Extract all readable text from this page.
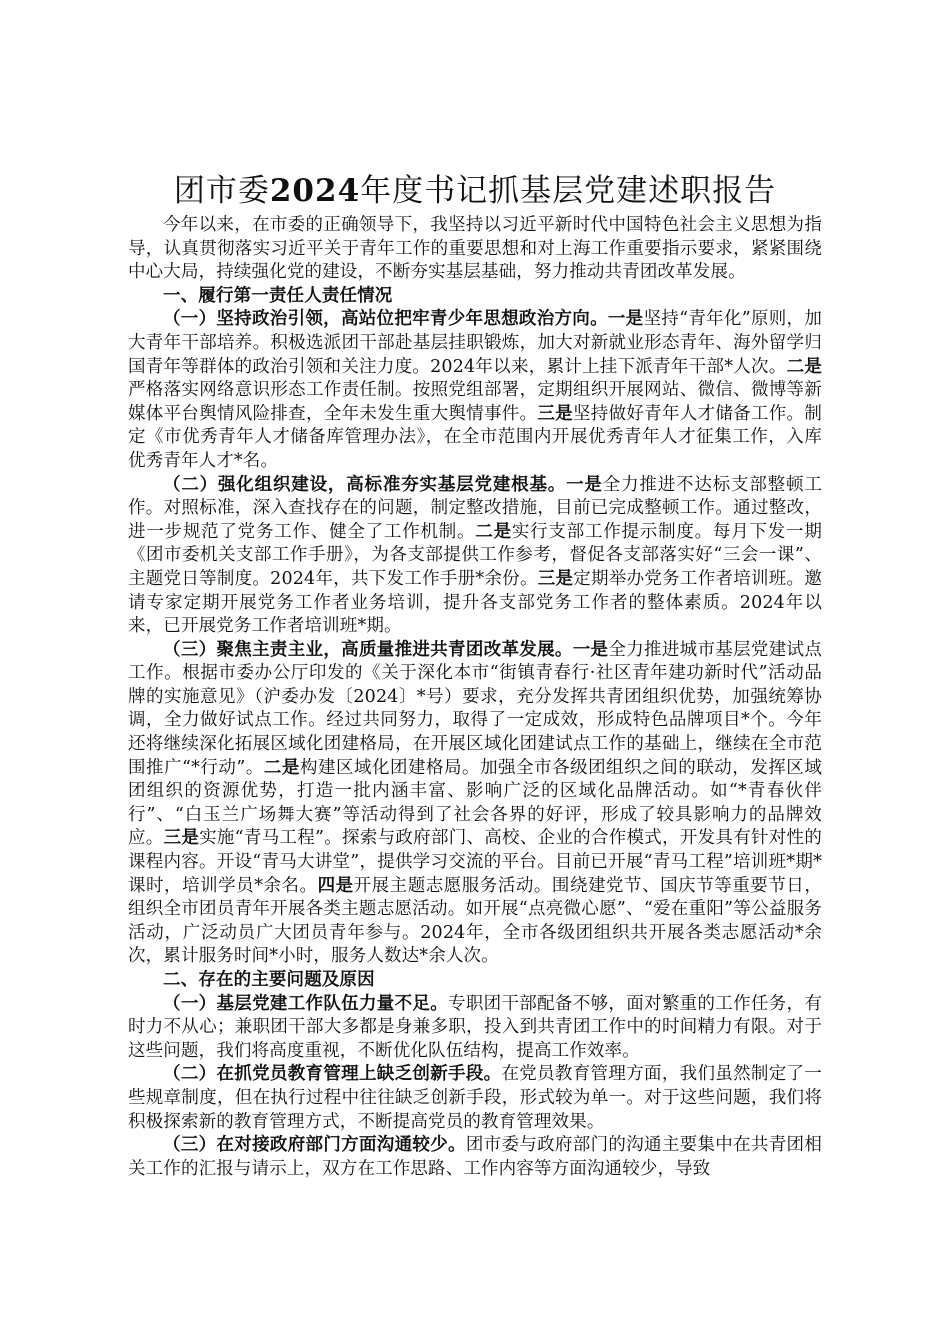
团市委2024年度书记抓基层党建述职报告

今年以来，在市委的正确领导下，我坚持以习近平新时代中国特色社会主义思想为指导，认真贯彻落实习近平关于青年工作的重要思想和对上海工作重要指示要求，紧紧围绕中心大局，持续强化党的建设，不断夯实基层基础，努力推动共青团改革发展。

一、履行第一责任人责任情况

（一）坚持政治引领，高站位把牢青少年思想政治方向。一是坚持“青年化”原则，加大青年干部培养。积极选派团干部赴基层挂职锻炼，加大对新就业形态青年、海外留学归国青年等群体的政治引领和关注力度。2024年以来，累计上挂下派青年干部*人次。二是严格落实网络意识形态工作责任制。按照党组部署，定期组织开展网站、微信、微博等新媒体平台舆情风险排查，全年未发生重大舆情事件。三是坚持做好青年人才储备工作。制定《市优秀青年人才储备库管理办法》，在全市范围内开展优秀青年人才征集工作，入库优秀青年人才*名。

（二）强化组织建设，高标准夯实基层党建根基。一是全力推进不达标支部整顿工作。对照标准，深入查找存在的问题，制定整改措施，目前已完成整顿工作。通过整改，进一步规范了党务工作、健全了工作机制。二是实行支部工作提示制度。每月下发一期《团市委机关支部工作手册》，为各支部提供工作参考，督促各支部落实好“三会一课”、主题党日等制度。2024年，共下发工作手册*余份。三是定期举办党务工作者培训班。邀请专家定期开展党务工作者业务培训，提升各支部党务工作者的整体素质。2024年以来，已开展党务工作者培训班*期。

（三）聚焦主责主业，高质量推进共青团改革发展。一是全力推进城市基层党建试点工作。根据市委办公厅印发的《关于深化本市“街镇青春行·社区青年建功新时代”活动品牌的实施意见》（沪委办发〔2024〕*号）要求，充分发挥共青团组织优势，加强统筹协调，全力做好试点工作。经过共同努力，取得了一定成效，形成特色品牌项目*个。今年还将继续深化拓展区域化团建格局，在开展区域化团建试点工作的基础上，继续在全市范围推广“*行动”。二是构建区域化团建格局。加强全市各级团组织之间的联动，发挥区域团组织的资源优势，打造一批内涵丰富、影响广泛的区域化品牌活动。如“*青春伙伴行”、“白玉兰广场舞大赛”等活动得到了社会各界的好评，形成了较具影响力的品牌效应。三是实施“青马工程”。探索与政府部门、高校、企业的合作模式，开发具有针对性的课程内容。开设“青马大讲堂”，提供学习交流的平台。目前已开展“青马工程”培训班*期*课时，培训学员*余名。四是开展主题志愿服务活动。围绕建党节、国庆节等重要节日，组织全市团员青年开展各类主题志愿活动。如开展“点亮微心愿”、“爱在重阳”等公益服务活动，广泛动员广大团员青年参与。2024年，全市各级团组织共开展各类志愿活动*余次，累计服务时间*小时，服务人数达*余人次。

二、存在的主要问题及原因

（一）基层党建工作队伍力量不足。专职团干部配备不够，面对繁重的工作任务，有时力不从心；兼职团干部大多都是身兼多职，投入到共青团工作中的时间精力有限。对于这些问题，我们将高度重视，不断优化队伍结构，提高工作效率。

（二）在抓党员教育管理上缺乏创新手段。在党员教育管理方面，我们虽然制定了一些规章制度，但在执行过程中往往缺乏创新手段，形式较为单一。对于这些问题，我们将积极探索新的教育管理方式，不断提高党员的教育管理效果。

（三）在对接政府部门方面沟通较少。团市委与政府部门的沟通主要集中在共青团相关工作的汇报与请示上，双方在工作思路、工作内容等方面沟通较少，导致
